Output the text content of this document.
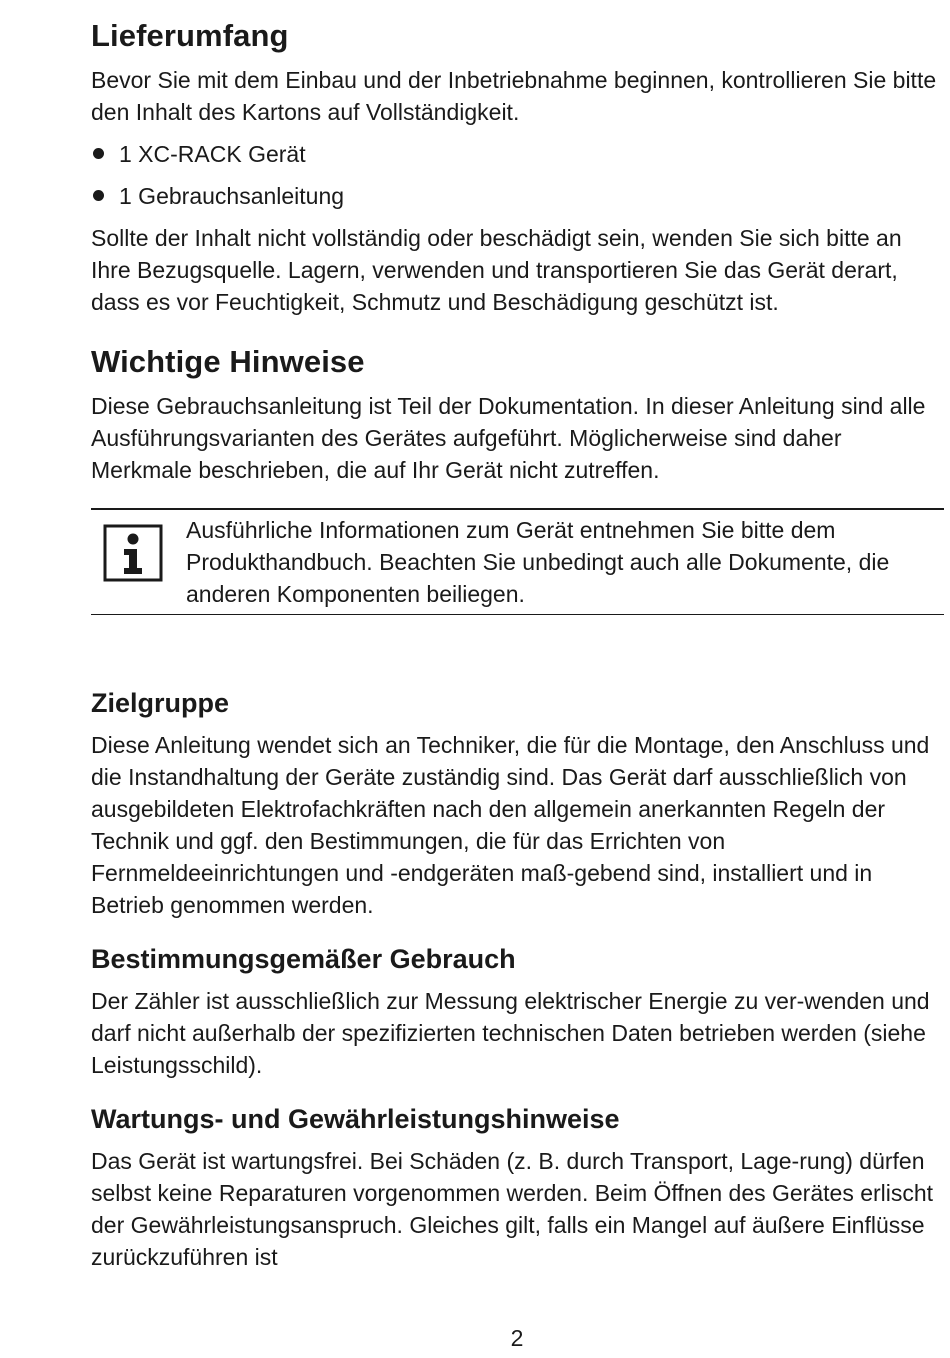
Lieferumfang

Bevor Sie mit dem Einbau und der Inbetriebnahme beginnen, kontrollieren Sie bitte den Inhalt des Kartons auf Vollständigkeit.

1 XC-RACK Gerät
1 Gebrauchsanleitung

Sollte der Inhalt nicht vollständig oder beschädigt sein, wenden Sie sich bitte an Ihre Bezugsquelle. Lagern, verwenden und transportieren Sie das Gerät derart, dass es vor Feuchtigkeit, Schmutz und Beschädigung geschützt ist.

Wichtige Hinweise

Diese Gebrauchsanleitung ist Teil der Dokumentation. In dieser Anleitung sind alle Ausführungsvarianten des Gerätes aufgeführt. Möglicherweise sind daher Merkmale beschrieben, die auf Ihr Gerät nicht zutreffen.

Ausführliche Informationen zum Gerät entnehmen Sie bitte dem Produkthandbuch. Beachten Sie unbedingt auch alle Dokumente, die anderen Komponenten beiliegen.

Zielgruppe

Diese Anleitung wendet sich an Techniker, die für die Montage, den Anschluss und die Instandhaltung der Geräte zuständig sind. Das Gerät darf ausschließlich von ausgebildeten Elektrofachkräften nach den allgemein anerkannten Regeln der Technik und ggf. den Bestimmungen, die für das Errichten von Fernmeldeeinrichtungen und -endgeräten maß-gebend sind, installiert und in Betrieb genommen werden.

Bestimmungsgemäßer Gebrauch

Der Zähler ist ausschließlich zur Messung elektrischer Energie zu ver-wenden und darf nicht außerhalb der spezifizierten technischen Daten betrieben werden (siehe Leistungsschild).

Wartungs- und Gewährleistungshinweise

Das Gerät ist wartungsfrei. Bei Schäden (z. B. durch Transport, Lage-rung) dürfen selbst keine Reparaturen vorgenommen werden. Beim Öffnen des Gerätes erlischt der Gewährleistungsanspruch. Gleiches gilt, falls ein Mangel auf äußere Einflüsse zurückzuführen ist

2
